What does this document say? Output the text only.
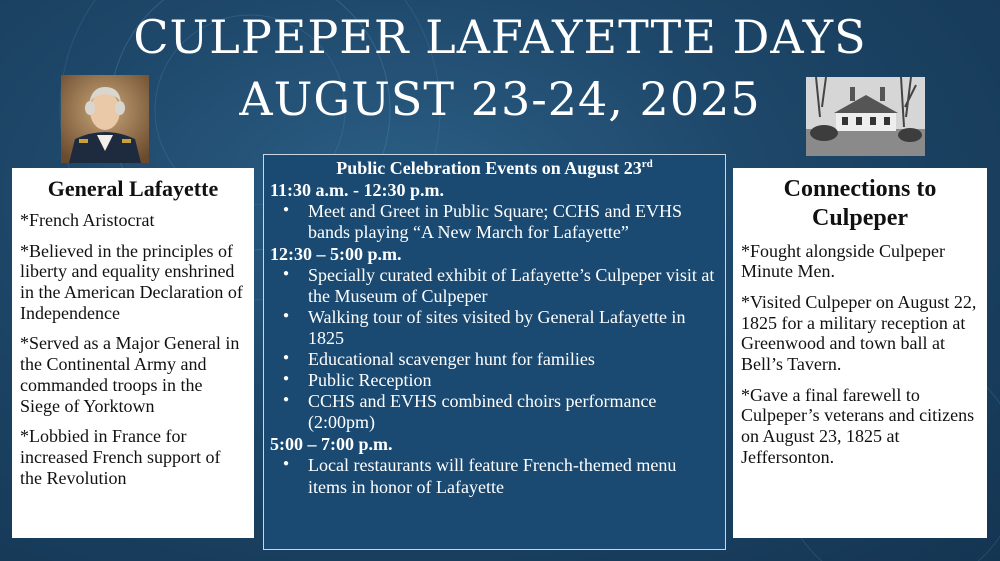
CULPEPER LAFAYETTE DAYS
AUGUST 23-24, 2025
General Lafayette

*French Aristocrat

*Believed in the principles of liberty and equality enshrined in the American Declaration of Independence

*Served as a Major General in the Continental Army and commanded troops in the Siege of Yorktown

*Lobbied in France for increased French support of the Revolution

Public Celebration Events on August 23rd
11:30 a.m. - 12:30 p.m.
● Meet and Greet in Public Square; CCHS and EVHS bands playing “A New March for Lafayette”
12:30 – 5:00 p.m.
● Specially curated exhibit of Lafayette’s Culpeper visit at the Museum of Culpeper
● Walking tour of sites visited by General Lafayette in 1825
● Educational scavenger hunt for families
● Public Reception
● CCHS and EVHS combined choirs performance (2:00pm)
5:00 – 7:00 p.m.
● Local restaurants will feature French-themed menu items in honor of Lafayette
Connections to Culpeper

*Fought alongside Culpeper Minute Men.

*Visited Culpeper on August 22, 1825 for a military reception at Greenwood and town ball at Bell’s Tavern.

*Gave a final farewell to Culpeper’s veterans and citizens on August 23, 1825 at Jeffersonton.
